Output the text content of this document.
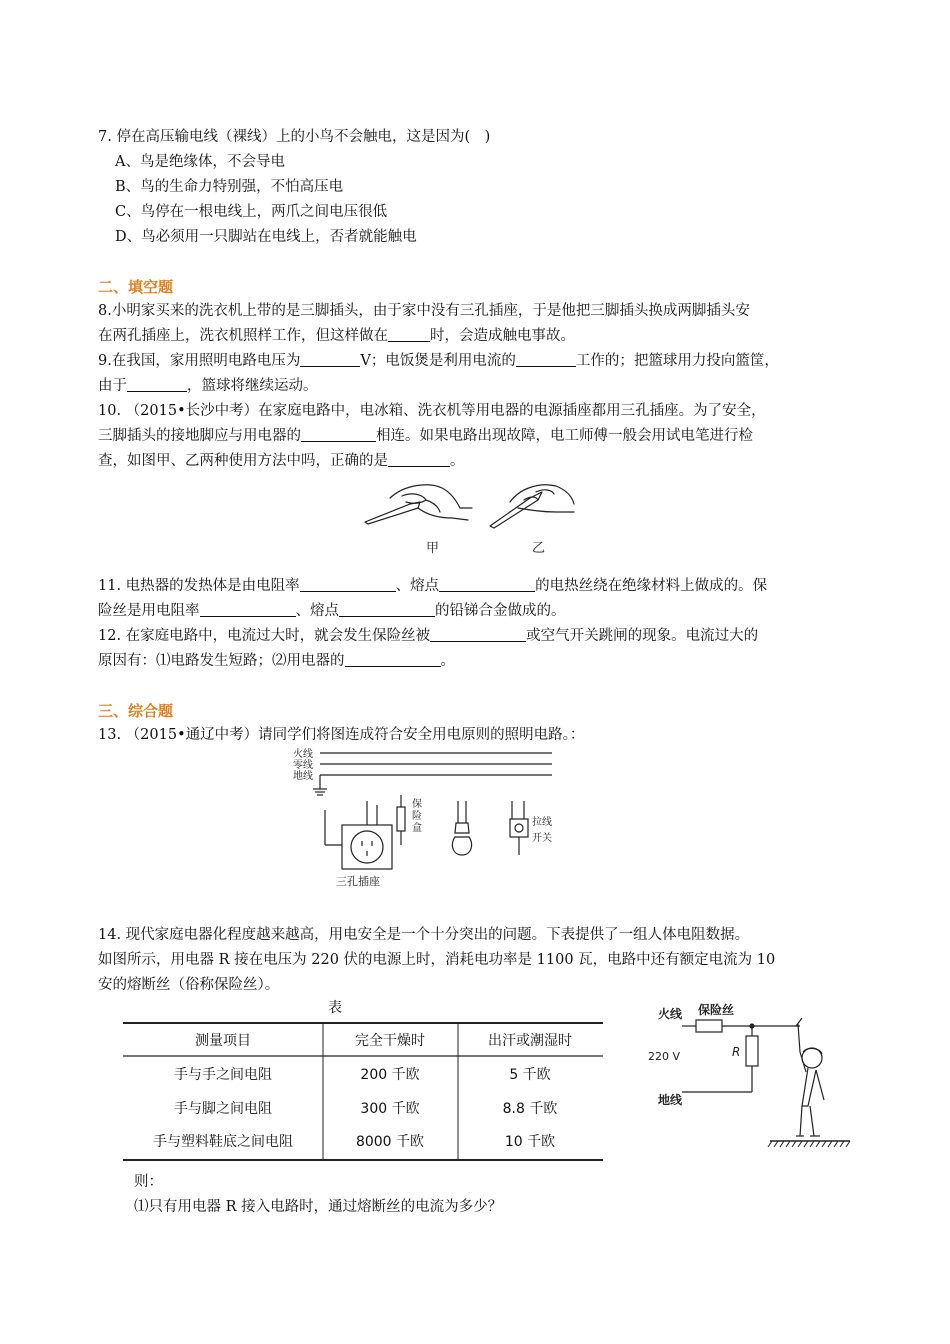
7. 停在高压输电线（裸线）上的小鸟不会触电，这是因为(　)
A、鸟是绝缘体，不会导电
B、鸟的生命力特别强，不怕高压电
C、鸟停在一根电线上，两爪之间电压很低
D、鸟必须用一只脚站在电线上，否者就能触电
二、填空题
8.小明家买来的洗衣机上带的是三脚插头，由于家中没有三孔插座，于是他把三脚插头换成两脚插头安
在两孔插座上，洗衣机照样工作，但这样做在	时，会造成触电事故。
9.在我国，家用照明电路电压为	V；电饭煲是利用电流的	工作的；把篮球用力投向篮筐，
由于	，篮球将继续运动。
10. （2015•长沙中考）在家庭电路中，电冰箱、洗衣机等用电器的电源插座都用三孔插座。为了安全，
三脚插头的接地脚应与用电器的	相连。如果电路出现故障，电工师傅一般会用试电笔进行检
查，如图甲、乙两种使用方法中吗，正确的是	。
甲	乙
11. 电热器的发热体是由电阻率	、熔点	的电热丝绕在绝缘材料上做成的。保
险丝是用电阻率	、熔点	的铅锑合金做成的。
12. 在家庭电路中，电流过大时，就会发生保险丝被	或空气开关跳闸的现象。电流过大的
原因有：⑴电路发生短路；⑵用电器的	。
三、综合题
13. （2015•通辽中考）请同学们将图连成符合安全用电原则的照明电路。：
火线
零线
地线
保
险
盒
拉线
开关
三孔插座
14. 现代家庭电器化程度越来越高，用电安全是一个十分突出的问题。下表提供了一组人体电阻数据。
如图所示，用电器 R 接在电压为 220 伏的电源上时，消耗电功率是 1100 瓦，电路中还有额定电流为 10
安的熔断丝（俗称保险丝）。
表
测量项目	完全干燥时	出汗或潮湿时
手与手之间电阻	200 千欧	5 千欧
手与脚之间电阻	300 千欧	8.8 千欧
手与塑料鞋底之间电阻	8000 千欧	10 千欧
火线 保险丝
220 V	R
地线
则：
⑴只有用电器 R 接入电路时，通过熔断丝的电流为多少？
